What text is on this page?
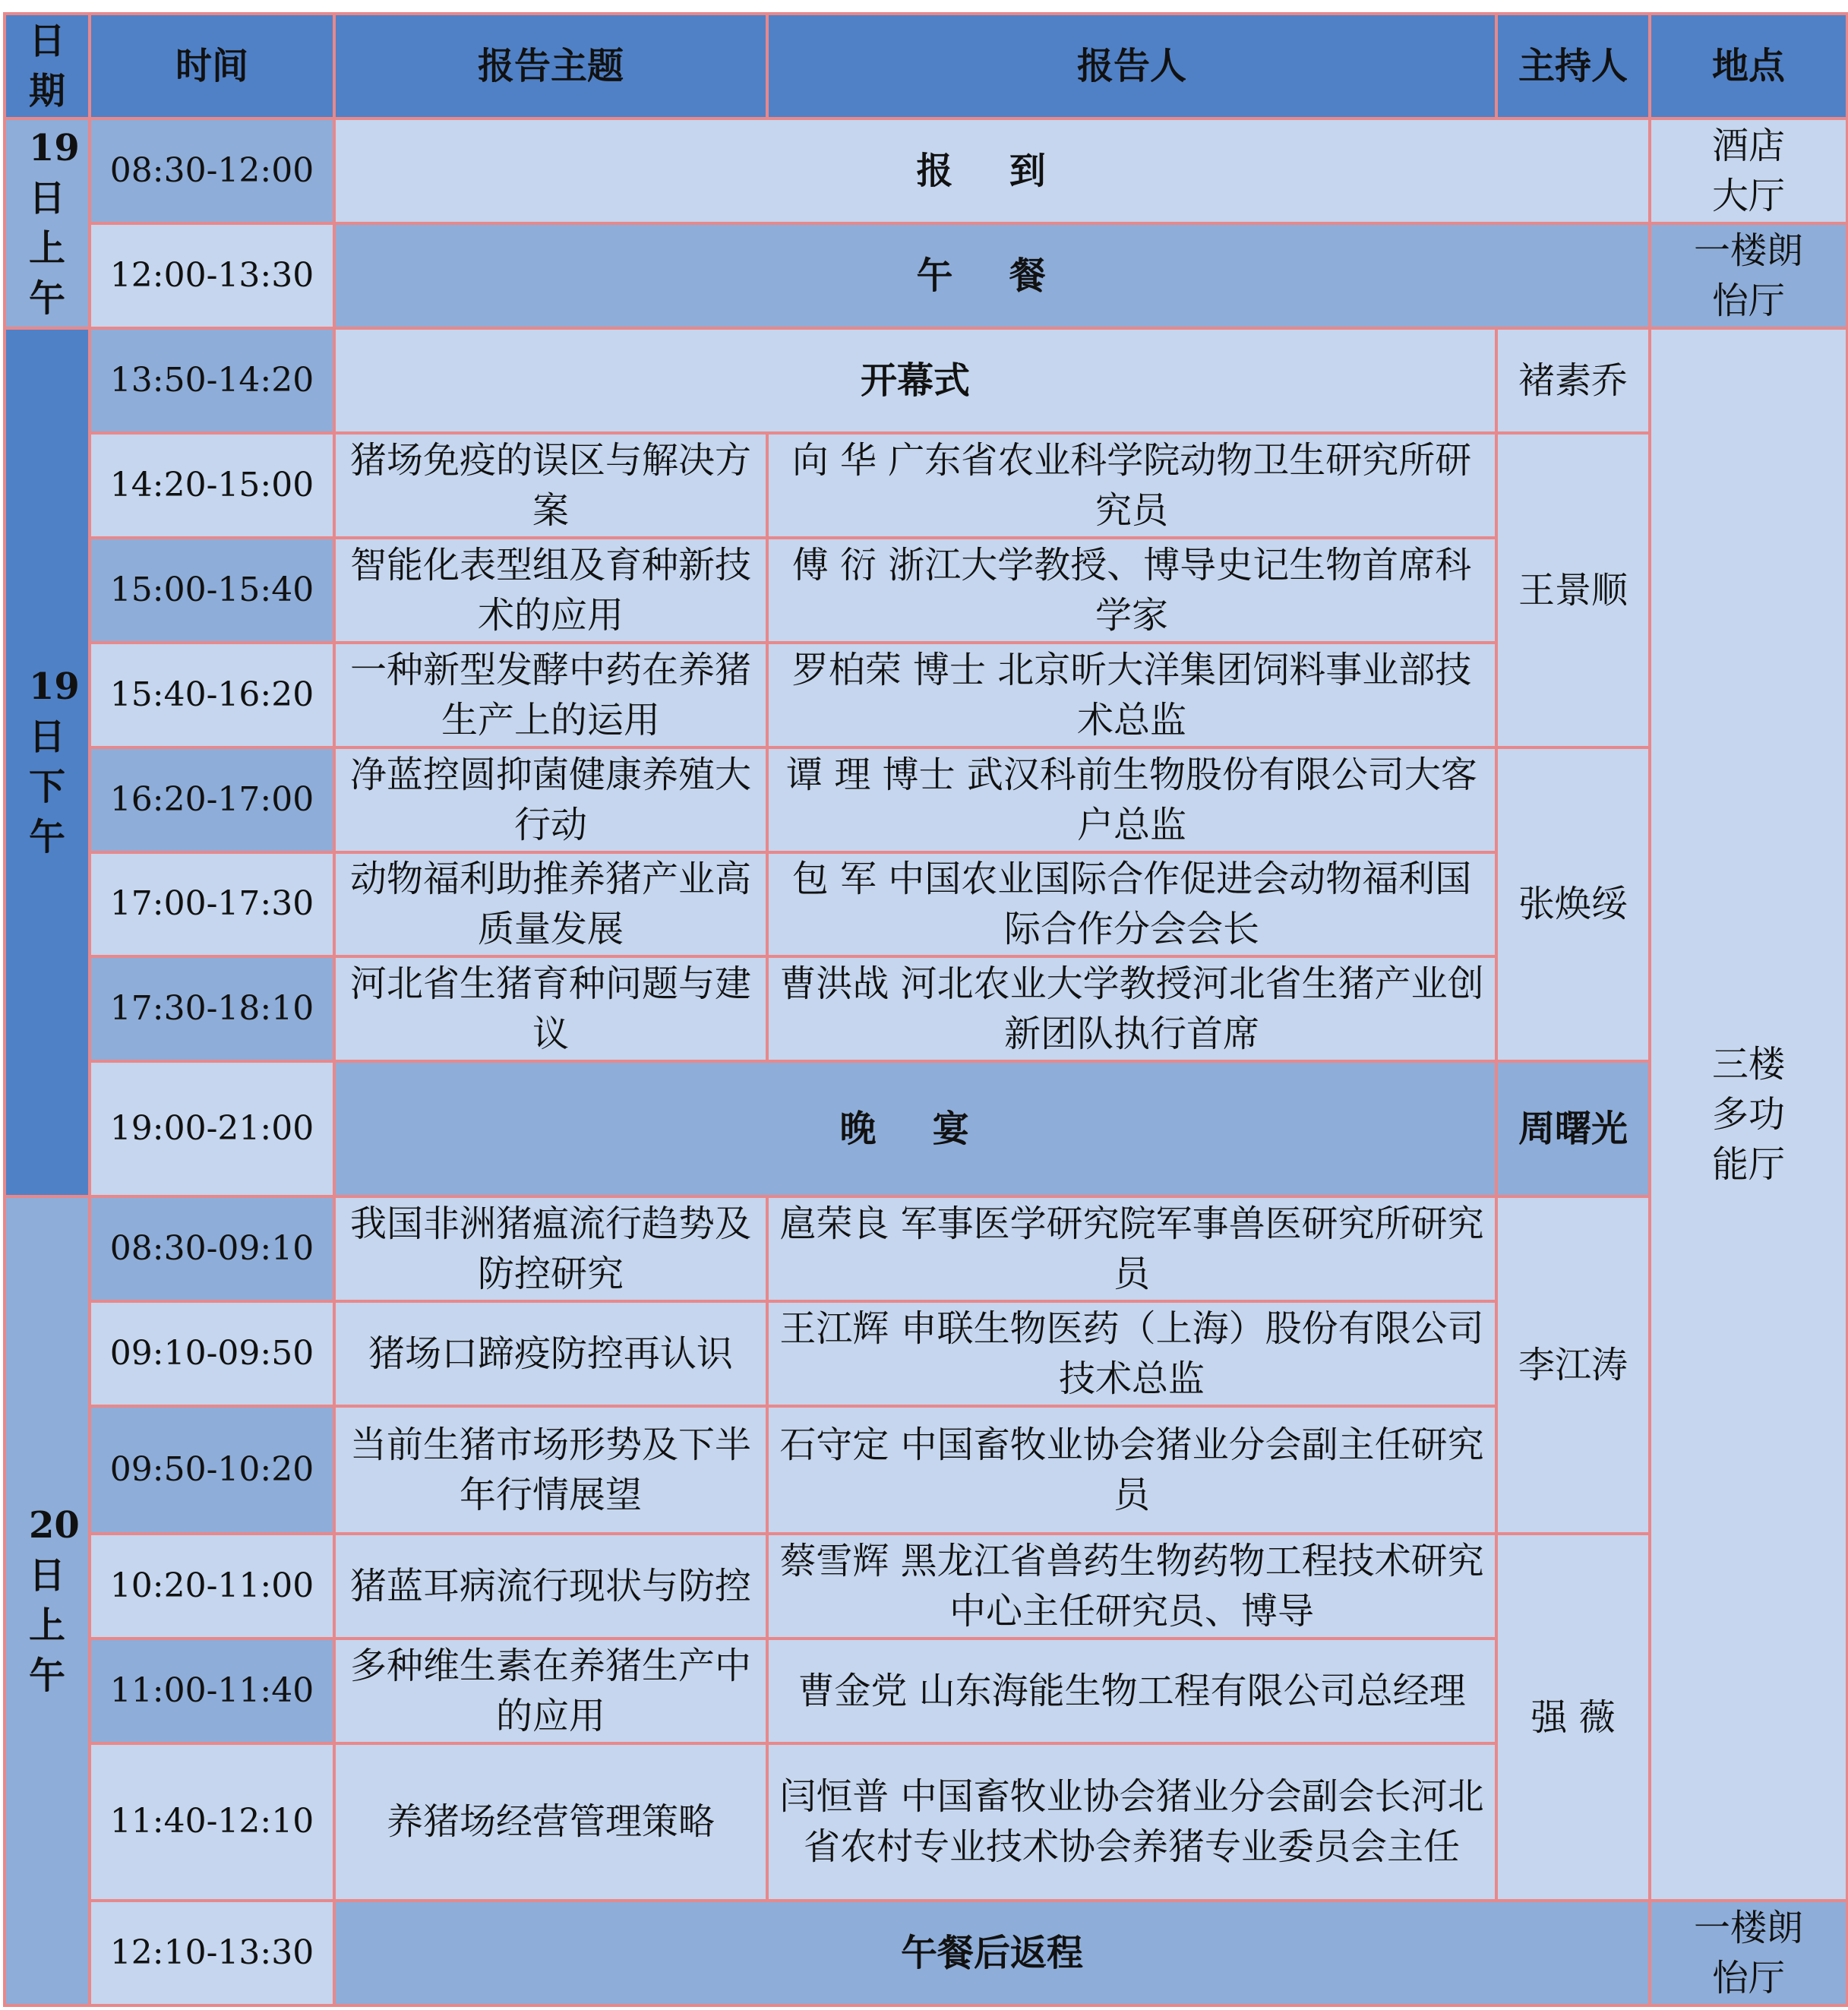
日期	时间	报告主题	报告人	主持人	地点
19日上午	08:30-12:00	报 到			酒店大厅
	12:00-13:30	午 餐			一楼朗怡厅
19日下午	13:50-14:20	开幕式		褚素乔	三楼多功能厅
	14:20-15:00	猪场免疫的误区与解决方案	向 华 广东省农业科学院动物卫生研究所研究员	王景顺	
	15:00-15:40	智能化表型组及育种新技术的应用	傅 衍 浙江大学教授、博导史记生物首席科学家		
	15:40-16:20	一种新型发酵中药在养猪生产上的运用	罗柏荣 博士 北京昕大洋集团饲料事业部技术总监		
	16:20-17:00	净蓝控圆抑菌健康养殖大行动	谭 理 博士 武汉科前生物股份有限公司大客户总监	张焕绥	
	17:00-17:30	动物福利助推养猪产业高质量发展	包 军 中国农业国际合作促进会动物福利国际合作分会会长		
	17:30-18:10	河北省生猪育种问题与建议	曹洪战 河北农业大学教授河北省生猪产业创新团队执行首席		
	19:00-21:00	晚 宴		周曙光	
20日上午	08:30-09:10	我国非洲猪瘟流行趋势及防控研究	扈荣良 军事医学研究院军事兽医研究所研究员	李江涛	
	09:10-09:50	猪场口蹄疫防控再认识	王江辉 申联生物医药（上海）股份有限公司技术总监		
	09:50-10:20	当前生猪市场形势及下半年行情展望	石守定 中国畜牧业协会猪业分会副主任研究员		
	10:20-11:00	猪蓝耳病流行现状与防控	蔡雪辉 黑龙江省兽药生物药物工程技术研究中心主任研究员、博导	强 薇	
	11:00-11:40	多种维生素在养猪生产中的应用	曹金党 山东海能生物工程有限公司总经理		
	11:40-12:10	养猪场经营管理策略	闫恒普 中国畜牧业协会猪业分会副会长河北省农村专业技术协会养猪专业委员会主任		
	12:10-13:30	午餐后返程			一楼朗怡厅
